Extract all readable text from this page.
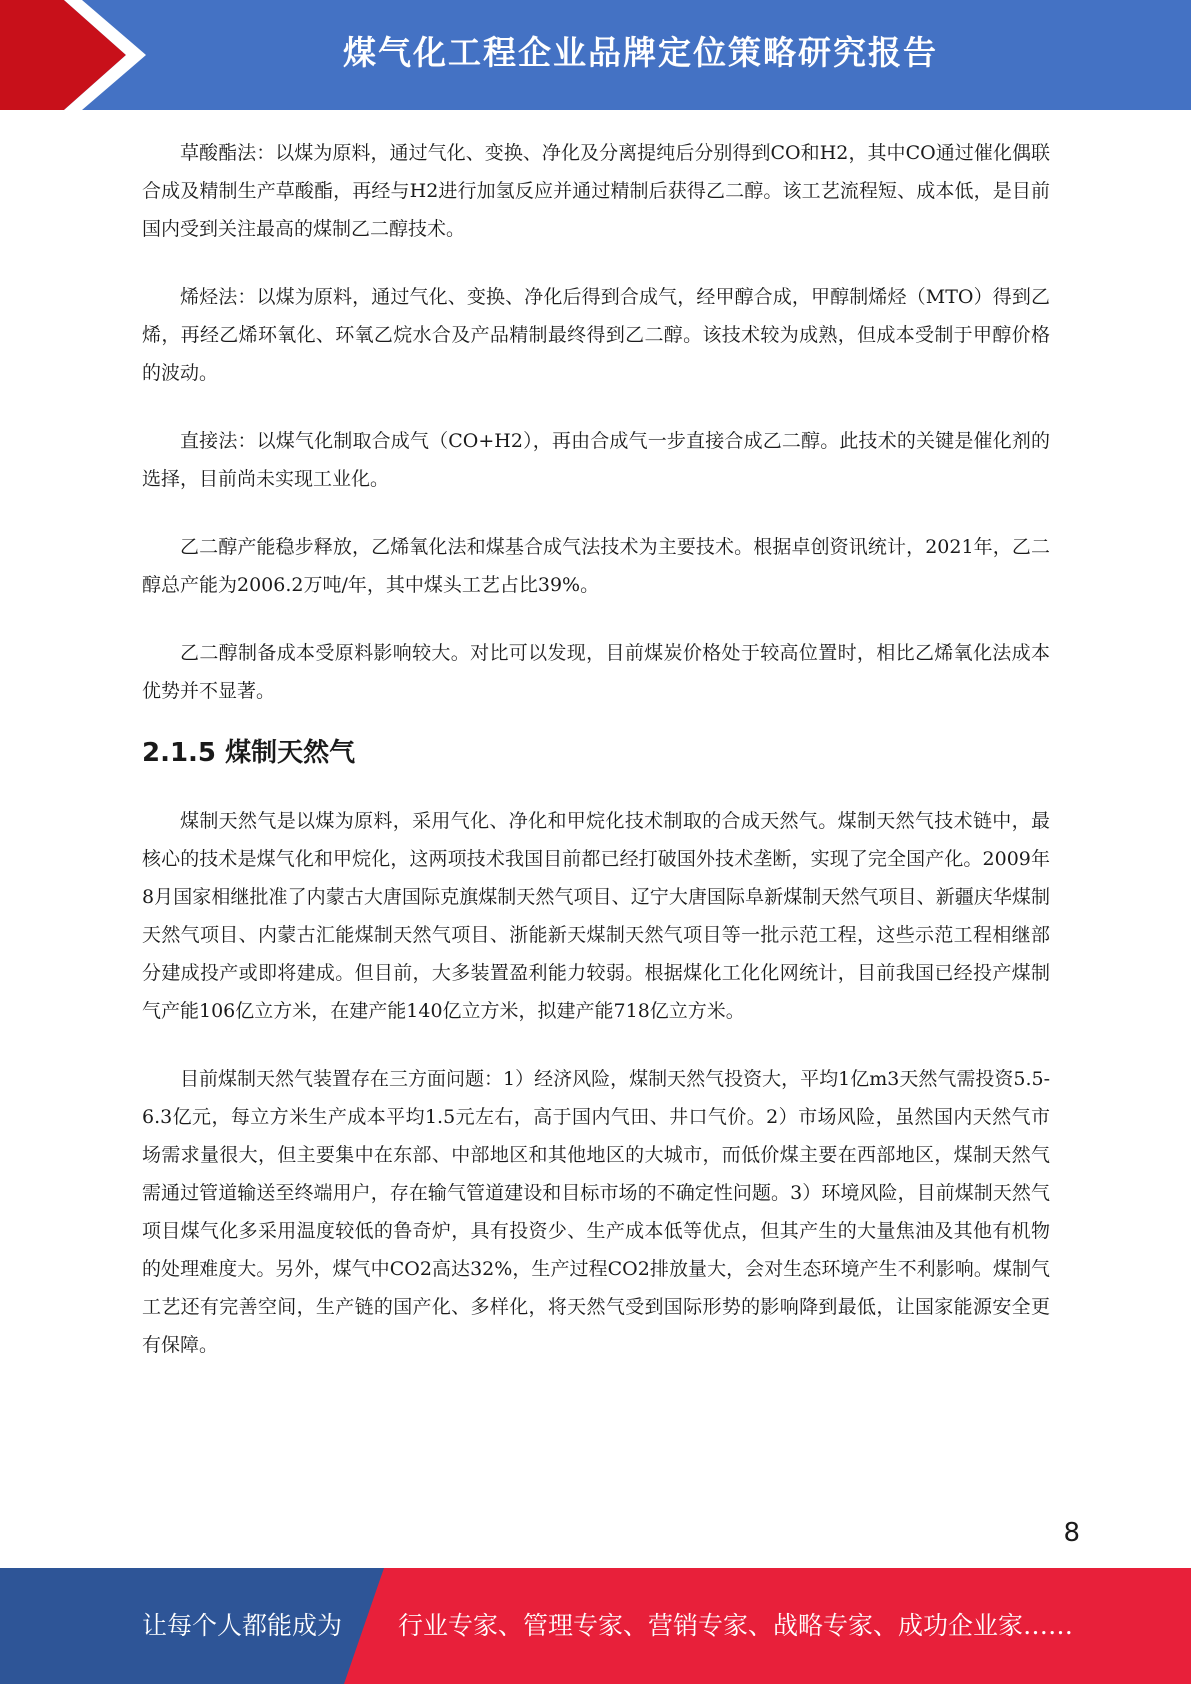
煤气化工程企业品牌定位策略研究报告

草酸酯法：以煤为原料，通过气化、变换、净化及分离提纯后分别得到CO和H2，其中CO通过催化偶联合成及精制生产草酸酯，再经与H2进行加氢反应并通过精制后获得乙二醇。该工艺流程短、成本低，是目前国内受到关注最高的煤制乙二醇技术。

烯烃法：以煤为原料，通过气化、变换、净化后得到合成气，经甲醇合成，甲醇制烯烃（MTO）得到乙烯，再经乙烯环氧化、环氧乙烷水合及产品精制最终得到乙二醇。该技术较为成熟，但成本受制于甲醇价格的波动。

直接法：以煤气化制取合成气（CO+H2），再由合成气一步直接合成乙二醇。此技术的关键是催化剂的选择，目前尚未实现工业化。

乙二醇产能稳步释放，乙烯氧化法和煤基合成气法技术为主要技术。根据卓创资讯统计，2021年，乙二醇总产能为2006.2万吨/年，其中煤头工艺占比39%。

乙二醇制备成本受原料影响较大。对比可以发现，目前煤炭价格处于较高位置时，相比乙烯氧化法成本优势并不显著。

2.1.5 煤制天然气

煤制天然气是以煤为原料，采用气化、净化和甲烷化技术制取的合成天然气。煤制天然气技术链中，最核心的技术是煤气化和甲烷化，这两项技术我国目前都已经打破国外技术垄断，实现了完全国产化。2009年8月国家相继批准了内蒙古大唐国际克旗煤制天然气项目、辽宁大唐国际阜新煤制天然气项目、新疆庆华煤制天然气项目、内蒙古汇能煤制天然气项目、浙能新天煤制天然气项目等一批示范工程，这些示范工程相继部分建成投产或即将建成。但目前，大多装置盈利能力较弱。根据煤化工化化网统计，目前我国已经投产煤制气产能106亿立方米，在建产能140亿立方米，拟建产能718亿立方米。

目前煤制天然气装置存在三方面问题：1）经济风险，煤制天然气投资大，平均1亿m3天然气需投资5.5-6.3亿元，每立方米生产成本平均1.5元左右，高于国内气田、井口气价。2）市场风险，虽然国内天然气市场需求量很大，但主要集中在东部、中部地区和其他地区的大城市，而低价煤主要在西部地区，煤制天然气需通过管道输送至终端用户，存在输气管道建设和目标市场的不确定性问题。3）环境风险，目前煤制天然气项目煤气化多采用温度较低的鲁奇炉，具有投资少、生产成本低等优点，但其产生的大量焦油及其他有机物的处理难度大。另外，煤气中CO2高达32%，生产过程CO2排放量大，会对生态环境产生不利影响。煤制气工艺还有完善空间，生产链的国产化、多样化，将天然气受到国际形势的影响降到最低，让国家能源安全更有保障。

8
让每个人都能成为 行业专家、管理专家、营销专家、战略专家、成功企业家……
